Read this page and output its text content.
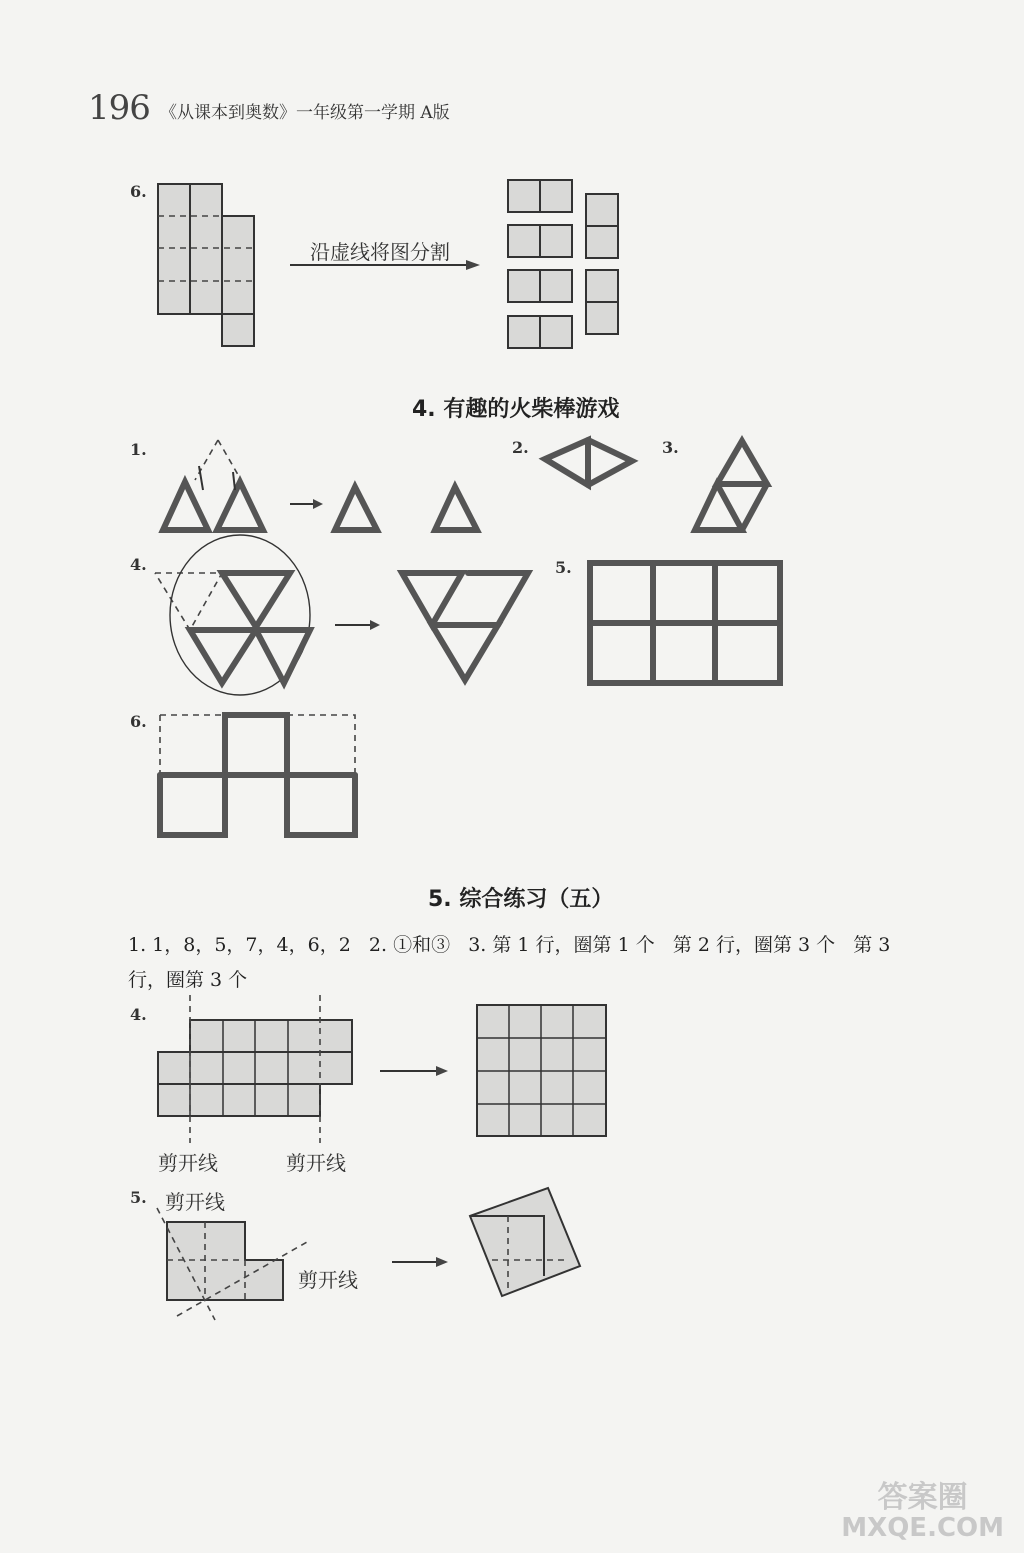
196 《从课本到奥数》一年级第一学期 A版
6.
沿虚线将图分割
4. 有趣的火柴棒游戏
1.	2.	3.
4.	5.
6.
5. 综合练习（五）
1. 1，8，5，7，4，6，2   2. ①和③   3. 第 1 行，圈第 1 个   第 2 行，圈第 3 个   第 3
行，圈第 3 个
4.
剪开线	剪开线
5. 剪开线
剪开线
答案圈
MXQE.COM
